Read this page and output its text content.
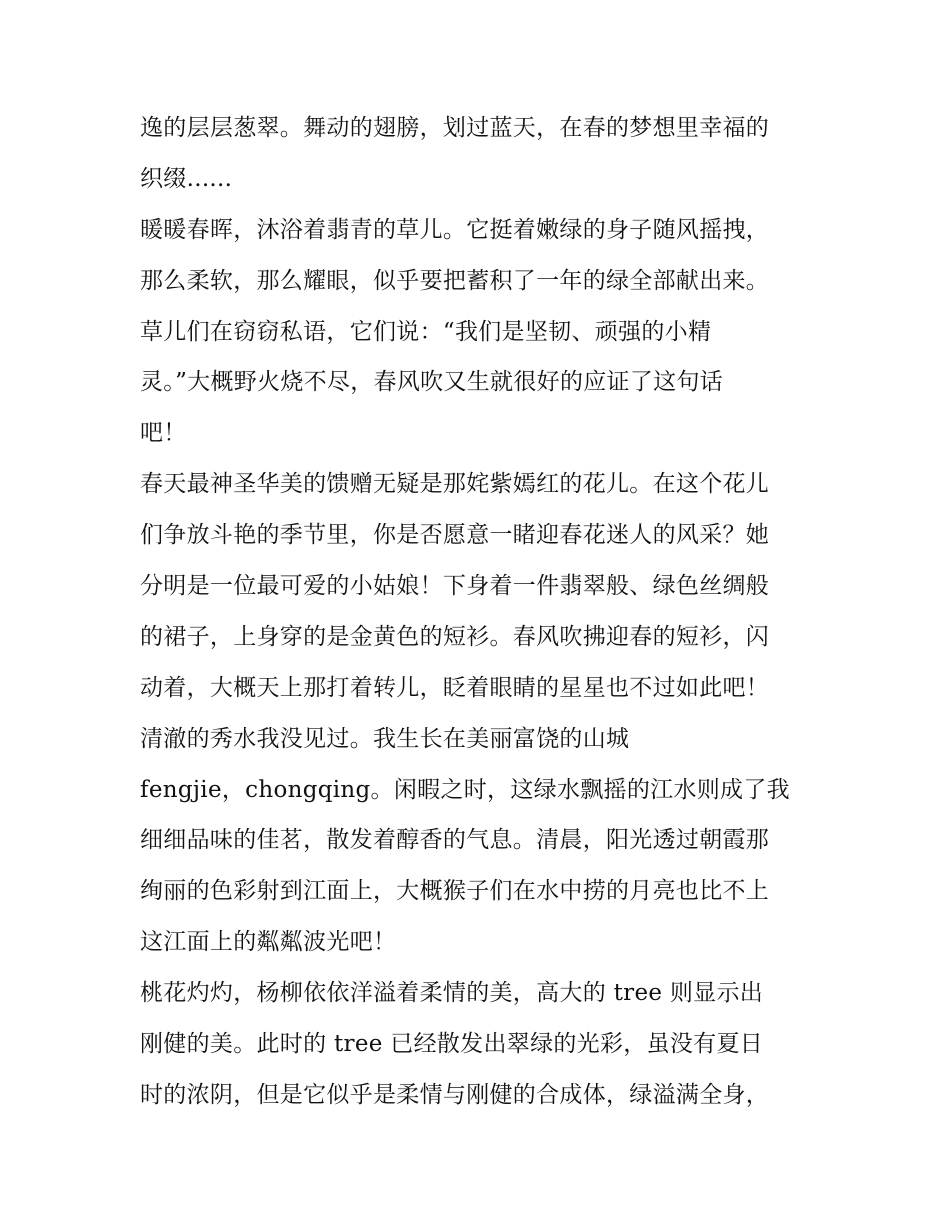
逸的层层葱翠。舞动的翅膀，划过蓝天，在春的梦想里幸福的
织缀......
暖暖春晖，沐浴着翡青的草儿。它挺着嫩绿的身子随风摇拽，
那么柔软，那么耀眼，似乎要把蓄积了一年的绿全部献出来。
草儿们在窃窃私语，它们说：“我们是坚韧、顽强的小精
灵。”大概野火烧不尽，春风吹又生就很好的应证了这句话
吧！
春天最神圣华美的馈赠无疑是那姹紫嫣红的花儿。在这个花儿
们争放斗艳的季节里，你是否愿意一睹迎春花迷人的风采？她
分明是一位最可爱的小姑娘！下身着一件翡翠般、绿色丝绸般
的裙子，上身穿的是金黄色的短衫。春风吹拂迎春的短衫，闪
动着，大概天上那打着转儿，眨着眼睛的星星也不过如此吧！
清澈的秀水我没见过。我生长在美丽富饶的山城
fengjie，chongqing。闲暇之时，这绿水飘摇的江水则成了我
细细品味的佳茗，散发着醇香的气息。清晨，阳光透过朝霞那
绚丽的色彩射到江面上，大概猴子们在水中捞的月亮也比不上
这江面上的粼粼波光吧！
桃花灼灼，杨柳依依洋溢着柔情的美，高大的 tree 则显示出
刚健的美。此时的 tree 已经散发出翠绿的光彩，虽没有夏日
时的浓阴，但是它似乎是柔情与刚健的合成体，绿溢满全身，
